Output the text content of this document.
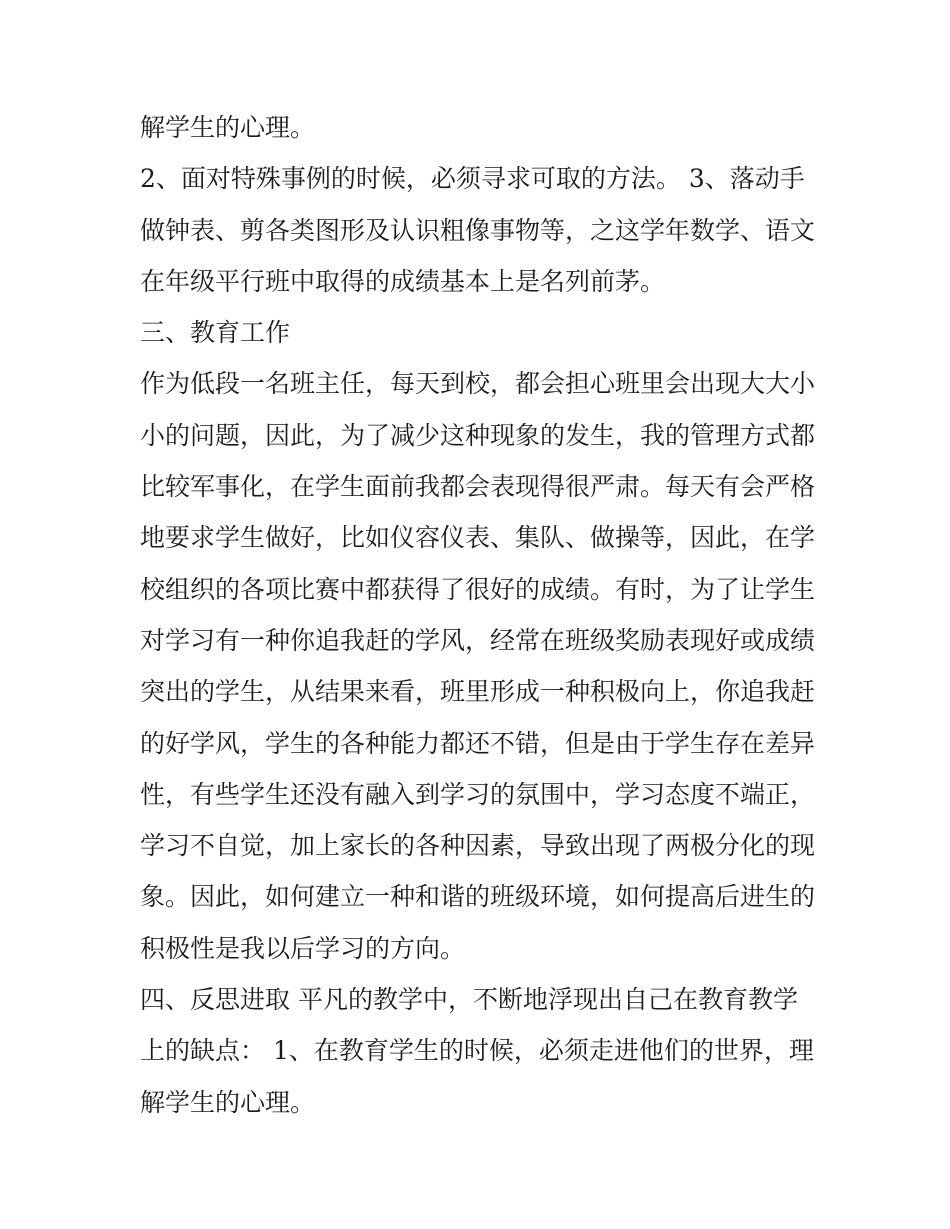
解学生的心理。
2、面对特殊事例的时候，必须寻求可取的方法。 3、落动手
做钟表、剪各类图形及认识粗像事物等，之这学年数学、语文
在年级平行班中取得的成绩基本上是名列前茅。
三、教育工作
作为低段一名班主任，每天到校，都会担心班里会出现大大小
小的问题，因此，为了减少这种现象的发生，我的管理方式都
比较军事化，在学生面前我都会表现得很严肃。每天有会严格
地要求学生做好，比如仪容仪表、集队、做操等，因此，在学
校组织的各项比赛中都获得了很好的成绩。有时，为了让学生
对学习有一种你追我赶的学风，经常在班级奖励表现好或成绩
突出的学生，从结果来看，班里形成一种积极向上，你追我赶
的好学风，学生的各种能力都还不错，但是由于学生存在差异
性，有些学生还没有融入到学习的氛围中，学习态度不端正，
学习不自觉，加上家长的各种因素，导致出现了两极分化的现
象。因此，如何建立一种和谐的班级环境，如何提高后进生的
积极性是我以后学习的方向。
四、反思进取 平凡的教学中，不断地浮现出自己在教育教学
上的缺点： 1、在教育学生的时候，必须走进他们的世界，理
解学生的心理。
